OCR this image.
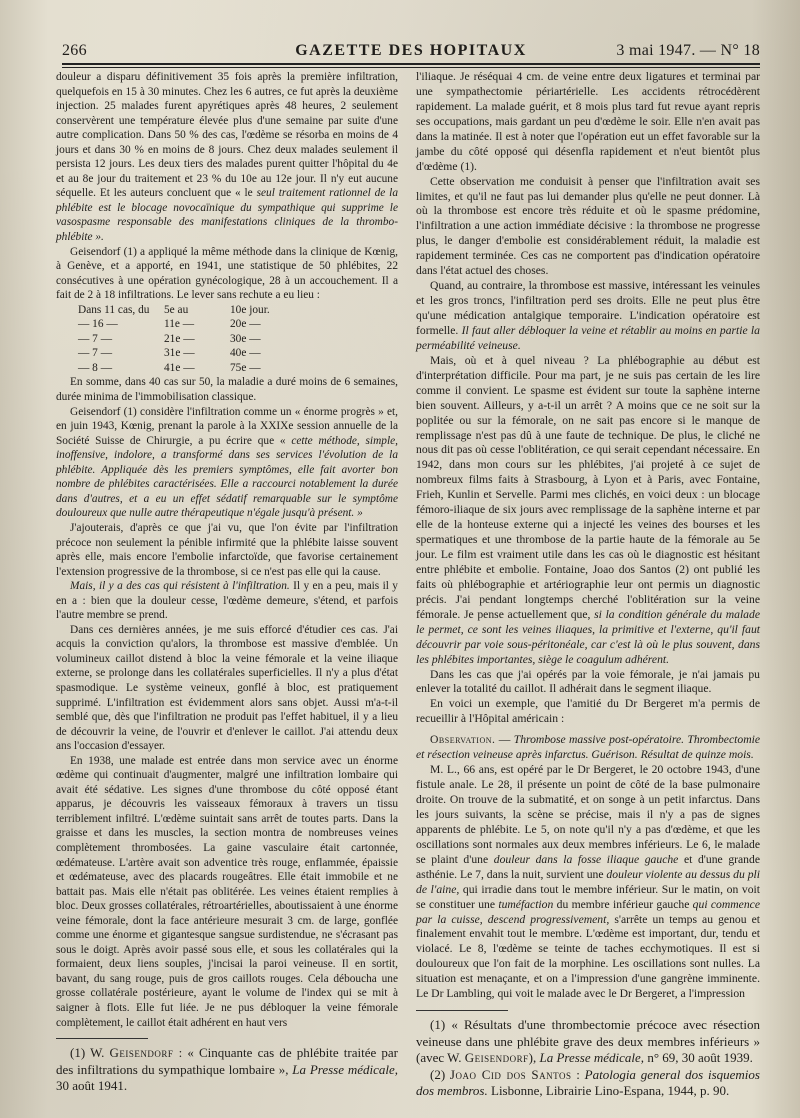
266	GAZETTE DES HOPITAUX	3 mai 1947. — N° 18

douleur a disparu définitivement 35 fois après la première infiltration, quelquefois en 15 à 30 minutes. Chez les 6 autres, ce fut après la deuxième injection. 25 malades furent apyrétiques après 48 heures, 2 seulement conservèrent une température élevée plus d'une semaine par suite d'une autre complication. Dans 50 % des cas, l'œdème se résorba en moins de 4 jours et dans 30 % en moins de 8 jours. Chez deux malades seulement il persista 12 jours. Les deux tiers des malades purent quitter l'hôpital du 4e et au 8e jour du traitement et 23 % du 10e au 12e jour. Il n'y eut aucune séquelle. Et les auteurs concluent que « le seul traitement rationnel de la phlébite est le blocage novocaïnique du sympathique qui supprime le vasospasme responsable des manifestations cliniques de la thrombo-phlébite ».

Geisendorf (1) a appliqué la même méthode dans la clinique de Kœnig, à Genève, et a apporté, en 1941, une statistique de 50 phlébites, 22 consécutives à une opération gynécologique, 28 à un accouchement. Il a fait de 2 à 18 infiltrations. Le lever sans rechute a eu lieu :

Dans 11 cas, du	5e au	10e jour.
— 16 —	11e —	20e —
— 7 —	21e —	30e —
— 7 —	31e —	40e —
— 8 —	41e —	75e —

En somme, dans 40 cas sur 50, la maladie a duré moins de 6 semaines, durée minima de l'immobilisation classique.

Geisendorf (1) considère l'infiltration comme un « énorme progrès » et, en juin 1943, Kœnig, prenant la parole à la XXIXe session annuelle de la Société Suisse de Chirurgie, a pu écrire que « cette méthode, simple, inoffensive, indolore, a transformé dans ses services l'évolution de la phlébite. Appliquée dès les premiers symptômes, elle fait avorter bon nombre de phlébites caractérisées. Elle a raccourci notablement la durée dans d'autres, et a eu un effet sédatif remarquable sur le symptôme douloureux que nulle autre thérapeutique n'égale jusqu'à présent. »

J'ajouterais, d'après ce que j'ai vu, que l'on évite par l'infiltration précoce non seulement la pénible infirmité que la phlébite laisse souvent après elle, mais encore l'embolie infarctoïde, que favorise certainement l'extension progressive de la thrombose, si ce n'est pas elle qui la cause.

Mais, il y a des cas qui résistent à l'infiltration. Il y en a peu, mais il y en a : bien que la douleur cesse, l'œdème demeure, s'étend, et parfois l'autre membre se prend.

Dans ces dernières années, je me suis efforcé d'étudier ces cas. J'ai acquis la conviction qu'alors, la thrombose est massive d'emblée. Un volumineux caillot distend à bloc la veine fémorale et la veine iliaque externe, se prolonge dans les collatérales superficielles. Il n'y a plus d'état spasmodique. Le système veineux, gonflé à bloc, est pratiquement supprimé. L'infiltration est évidemment alors sans objet. Aussi m'a-t-il semblé que, dès que l'infiltration ne produit pas l'effet habituel, il y a lieu de découvrir la veine, de l'ouvrir et d'enlever le caillot. J'ai attendu deux ans l'occasion d'essayer.

En 1938, une malade est entrée dans mon service avec un énorme œdème qui continuait d'augmenter, malgré une infiltration lombaire qui avait été sédative. Les signes d'une thrombose du côté opposé étant apparus, je découvris les vaisseaux fémoraux à travers un tissu terriblement infiltré. L'œdème suintait sans arrêt de toutes parts. Dans la graisse et dans les muscles, la section montra de nombreuses veines complètement thrombosées. La gaine vasculaire était cartonnée, œdémateuse. L'artère avait son adventice très rouge, enflammée, épaissie et œdémateuse, avec des placards rougeâtres. Elle était immobile et ne battait pas. Mais elle n'était pas oblitérée. Les veines étaient remplies à bloc. Deux grosses collatérales, rétroartérielles, aboutissaient à une énorme veine fémorale, dont la face antérieure mesurait 3 cm. de large, gonflée comme une énorme et gigantesque sangsue surdistendue, ne s'écrasant pas sous le doigt. Après avoir passé sous elle, et sous les collatérales qui la formaient, deux liens souples, j'incisai la paroi veineuse. Il en sortit, bavant, du sang rouge, puis de gros caillots rouges. Cela déboucha une grosse collatérale postérieure, ayant le volume de l'index qui se mit à saigner à flots. Elle fut liée. Je ne pus débloquer la veine fémorale complètement, le caillot était adhérent en haut vers

(1) W. Geisendorf : « Cinquante cas de phlébite traitée par des infiltrations du sympathique lombaire », La Presse médicale, 30 août 1941.

l'iliaque. Je réséquai 4 cm. de veine entre deux ligatures et terminai par une sympathectomie périartérielle. Les accidents rétrocédèrent rapidement. La malade guérit, et 8 mois plus tard fut revue ayant repris ses occupations, mais gardant un peu d'œdème le soir. Elle n'en avait pas dans la matinée. Il est à noter que l'opération eut un effet favorable sur la jambe du côté opposé qui désenfla rapidement et n'eut bientôt plus d'œdème (1).

Cette observation me conduisit à penser que l'infiltration avait ses limites, et qu'il ne faut pas lui demander plus qu'elle ne peut donner. Là où la thrombose est encore très réduite et où le spasme prédomine, l'infiltration a une action immédiate décisive : la thrombose ne progresse plus, le danger d'embolie est considérablement réduit, la maladie est rapidement terminée. Ces cas ne comportent pas d'indication opératoire dans l'état actuel des choses.

Quand, au contraire, la thrombose est massive, intéressant les veinules et les gros troncs, l'infiltration perd ses droits. Elle ne peut plus être qu'une médication antalgique temporaire. L'indication opératoire est formelle. Il faut aller débloquer la veine et rétablir au moins en partie la perméabilité veineuse.

Mais, où et à quel niveau ? La phlébographie au début est d'interprétation difficile. Pour ma part, je ne suis pas certain de les lire comme il convient. Le spasme est évident sur toute la saphène interne bien souvent. Ailleurs, y a-t-il un arrêt ? A moins que ce ne soit sur la poplitée ou sur la fémorale, on ne sait pas encore si le manque de remplissage n'est pas dû à une faute de technique. De plus, le cliché ne nous dit pas où cesse l'oblitération, ce qui serait cependant nécessaire. En 1942, dans mon cours sur les phlébites, j'ai projeté à ce sujet de nombreux films faits à Strasbourg, à Lyon et à Paris, avec Fontaine, Frieh, Kunlin et Servelle. Parmi mes clichés, en voici deux : un blocage fémoro-iliaque de six jours avec remplissage de la saphène interne et par elle de la honteuse externe qui a injecté les veines des bourses et les spermatiques et une thrombose de la partie haute de la fémorale au 5e jour. Le film est vraiment utile dans les cas où le diagnostic est hésitant entre phlébite et embolie. Fontaine, Joao dos Santos (2) ont publié les faits où phlébographie et artériographie leur ont permis un diagnostic précis. J'ai pendant longtemps cherché l'oblitération sur la veine fémorale. Je pense actuellement que, si la condition générale du malade le permet, ce sont les veines iliaques, la primitive et l'externe, qu'il faut découvrir par voie sous-péritonéale, car c'est là où le plus souvent, dans les phlébites importantes, siège le coagulum adhérent.

Dans les cas que j'ai opérés par la voie fémorale, je n'ai jamais pu enlever la totalité du caillot. Il adhérait dans le segment iliaque.

En voici un exemple, que l'amitié du Dr Bergeret m'a permis de recueillir à l'Hôpital américain :

Observation. — Thrombose massive post-opératoire. Thrombectomie et résection veineuse après infarctus. Guérison. Résultat de quinze mois.

M. L., 66 ans, est opéré par le Dr Bergeret, le 20 octobre 1943, d'une fistule anale. Le 28, il présente un point de côté de la base pulmonaire droite. On trouve de la submatité, et on songe à un petit infarctus. Dans les jours suivants, la scène se précise, mais il n'y a pas de signes apparents de phlébite. Le 5, on note qu'il n'y a pas d'œdème, et que les oscillations sont normales aux deux membres inférieurs. Le 6, le malade se plaint d'une douleur dans la fosse iliaque gauche et d'une grande asthénie. Le 7, dans la nuit, survient une douleur violente au dessus du pli de l'aine, qui irradie dans tout le membre inférieur. Sur le matin, on voit se constituer une tuméfaction du membre inférieur gauche qui commence par la cuisse, descend progressivement, s'arrête un temps au genou et finalement envahit tout le membre. L'œdème est important, dur, tendu et violacé. Le 8, l'œdème se teinte de taches ecchymotiques. Il est si douloureux que l'on fait de la morphine. Les oscillations sont nulles. La situation est menaçante, et on a l'impression d'une gangrène imminente. Le Dr Lambling, qui voit le malade avec le Dr Bergeret, a l'impression

(1) « Résultats d'une thrombectomie précoce avec résection veineuse dans une phlébite grave des deux membres inférieurs » (avec W. Geisendorf), La Presse médicale, n° 69, 30 août 1939.

(2) Joao Cid dos Santos : Patologia general dos isquemios dos membros. Lisbonne, Librairie Lino-Espana, 1944, p. 90.
